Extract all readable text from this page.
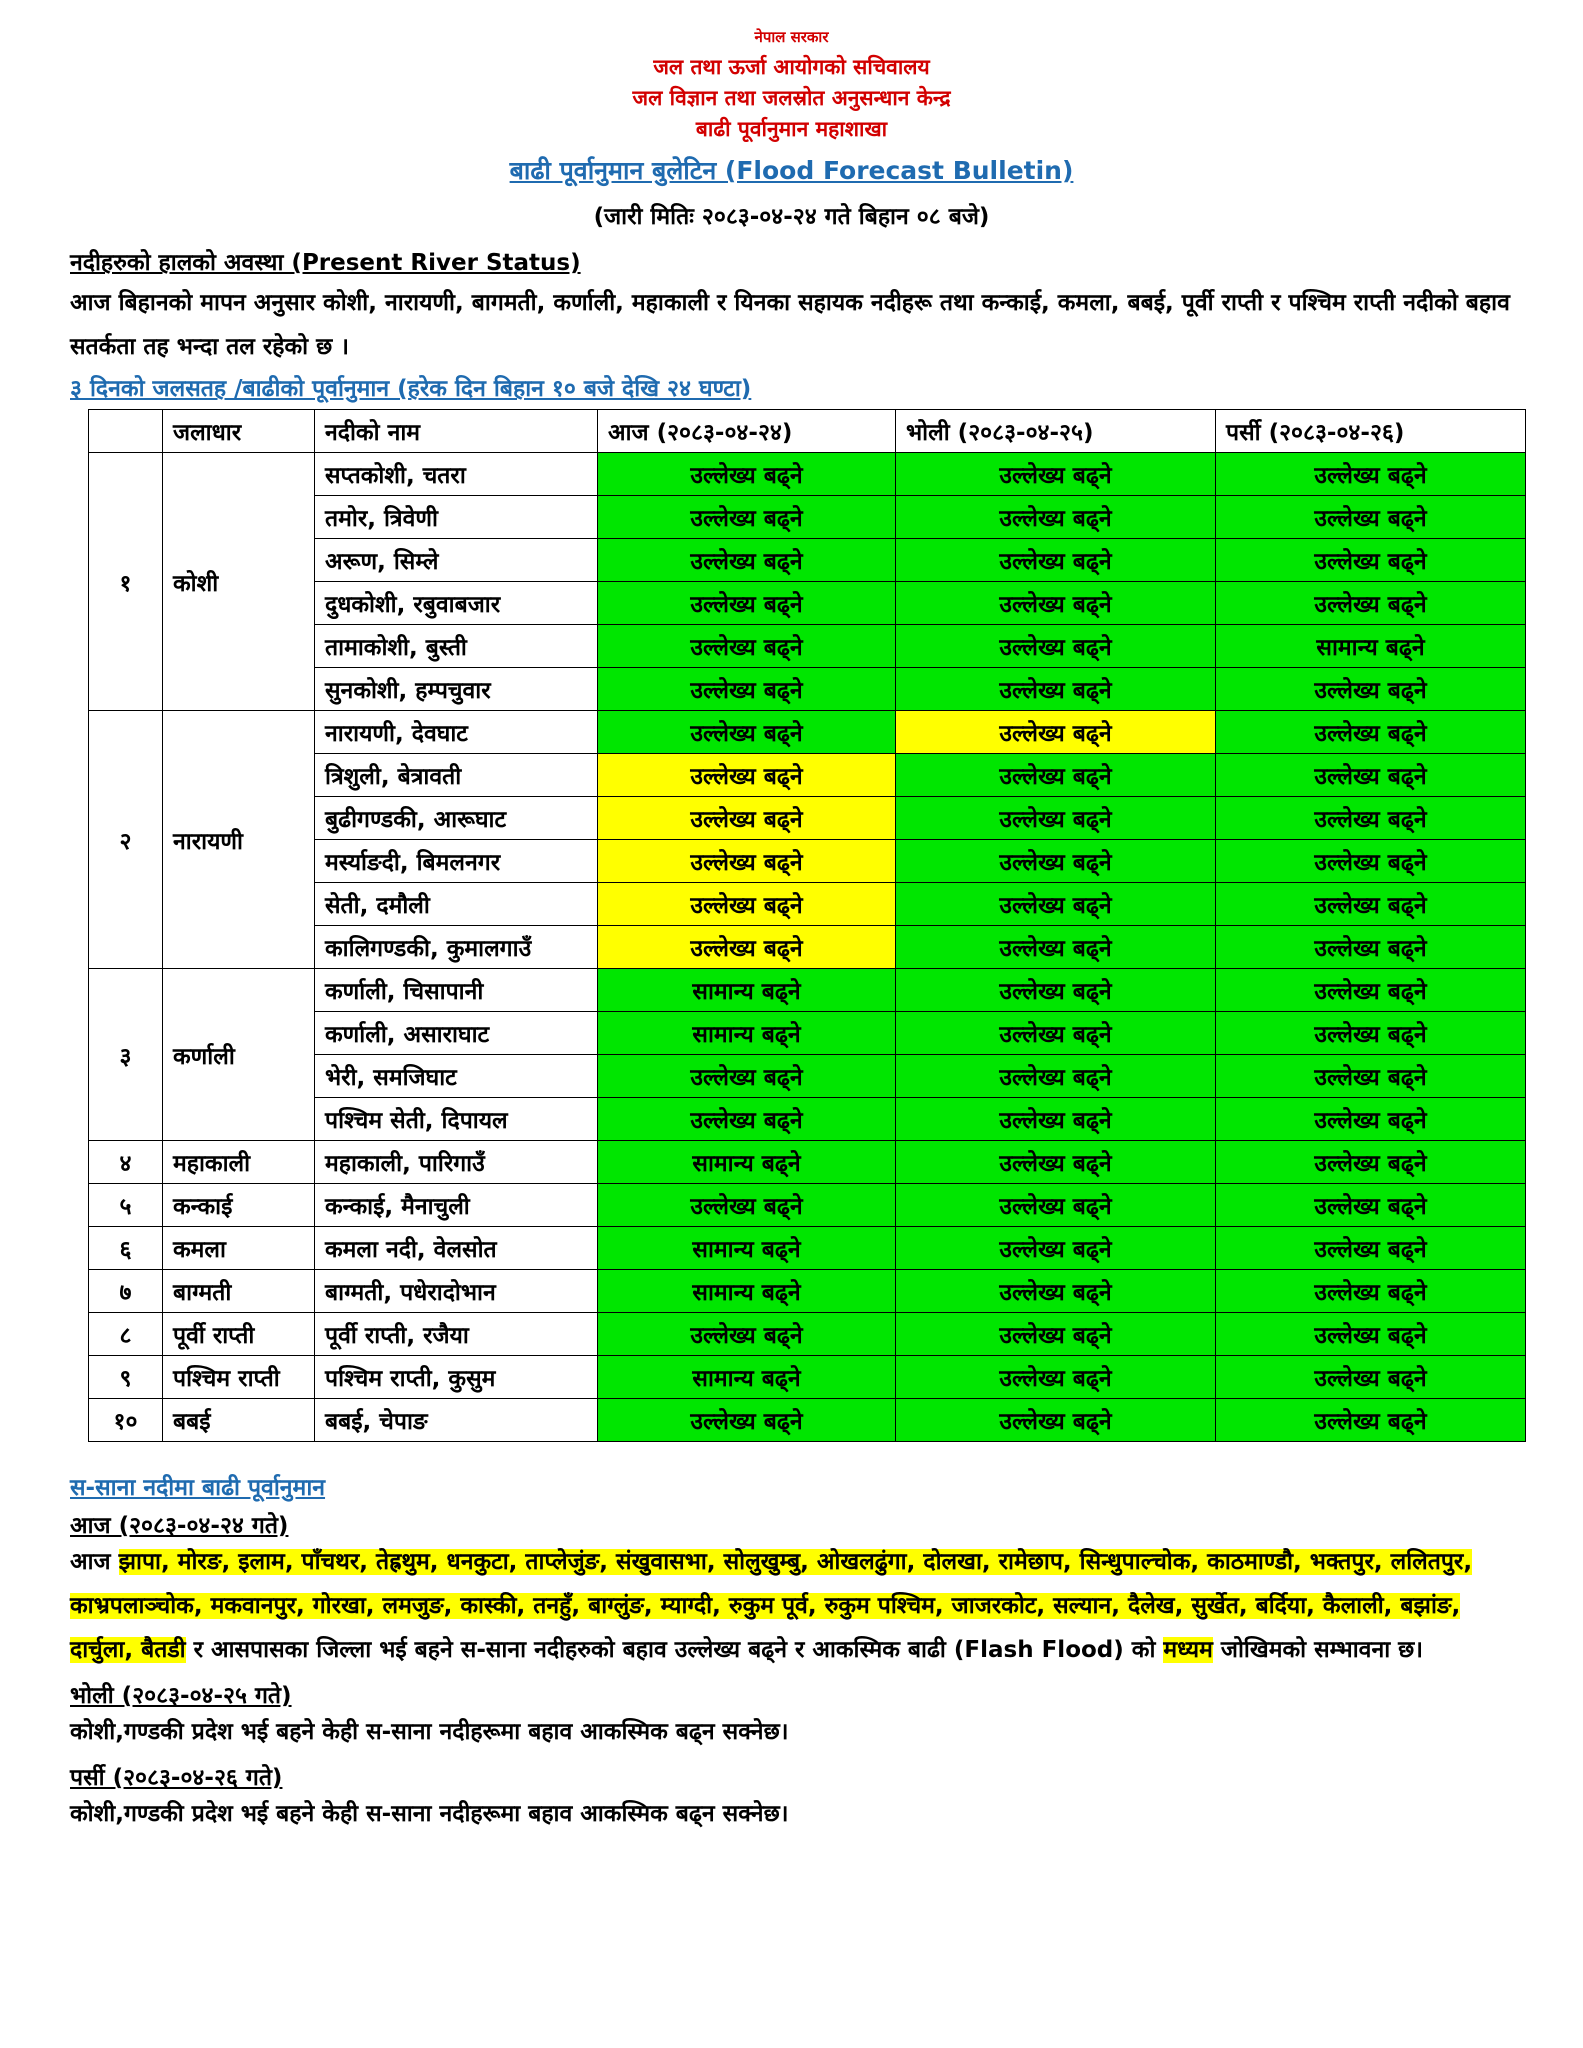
नेपाल सरकार
जल तथा ऊर्जा आयोगको सचिवालय
जल विज्ञान तथा जलस्रोत अनुसन्धान केन्द्र
बाढी पूर्वानुमान महाशाखा
बाढी पूर्वानुमान बुलेटिन (Flood Forecast Bulletin)
(जारी मितिः २०८३-०४-२४ गते बिहान ०८ बजे)
नदीहरुको हालको अवस्था (Present River Status)
आज बिहानको मापन अनुसार कोशी, नारायणी, बागमती, कर्णाली, महाकाली र यिनका सहायक नदीहरू तथा कन्काई, कमला, बबई, पूर्वी राप्ती र पश्चिम राप्ती नदीको बहाव सतर्कता तह भन्दा तल रहेको छ ।
३ दिनको जलसतह /बाढीको पूर्वानुमान (हरेक दिन बिहान १० बजे देखि २४ घण्टा)
	जलाधार	नदीको नाम	आज (२०८३-०४-२४)	भोली (२०८३-०४-२५)	पर्सी (२०८३-०४-२६)
१	कोशी	सप्तकोशी, चतरा	उल्लेख्य बढ्ने	उल्लेख्य बढ्ने	उल्लेख्य बढ्ने
		तमोर, त्रिवेणी	उल्लेख्य बढ्ने	उल्लेख्य बढ्ने	उल्लेख्य बढ्ने
		अरूण, सिम्ले	उल्लेख्य बढ्ने	उल्लेख्य बढ्ने	उल्लेख्य बढ्ने
		दुधकोशी, रबुवाबजार	उल्लेख्य बढ्ने	उल्लेख्य बढ्ने	उल्लेख्य बढ्ने
		तामाकोशी, बुस्ती	उल्लेख्य बढ्ने	उल्लेख्य बढ्ने	सामान्य बढ्ने
		सुनकोशी, हम्पचुवार	उल्लेख्य बढ्ने	उल्लेख्य बढ्ने	उल्लेख्य बढ्ने
२	नारायणी	नारायणी, देवघाट	उल्लेख्य बढ्ने	उल्लेख्य बढ्ने	उल्लेख्य बढ्ने
		त्रिशुली, बेत्रावती	उल्लेख्य बढ्ने	उल्लेख्य बढ्ने	उल्लेख्य बढ्ने
		बुढीगण्डकी, आरूघाट	उल्लेख्य बढ्ने	उल्लेख्य बढ्ने	उल्लेख्य बढ्ने
		मर्स्याङदी, बिमलनगर	उल्लेख्य बढ्ने	उल्लेख्य बढ्ने	उल्लेख्य बढ्ने
		सेती, दमौली	उल्लेख्य बढ्ने	उल्लेख्य बढ्ने	उल्लेख्य बढ्ने
		कालिगण्डकी, कुमालगाउँ	उल्लेख्य बढ्ने	उल्लेख्य बढ्ने	उल्लेख्य बढ्ने
३	कर्णाली	कर्णाली, चिसापानी	सामान्य बढ्ने	उल्लेख्य बढ्ने	उल्लेख्य बढ्ने
		कर्णाली, असाराघाट	सामान्य बढ्ने	उल्लेख्य बढ्ने	उल्लेख्य बढ्ने
		भेरी, समजिघाट	उल्लेख्य बढ्ने	उल्लेख्य बढ्ने	उल्लेख्य बढ्ने
		पश्चिम सेती, दिपायल	उल्लेख्य बढ्ने	उल्लेख्य बढ्ने	उल्लेख्य बढ्ने
४	महाकाली	महाकाली, पारिगाउँ	सामान्य बढ्ने	उल्लेख्य बढ्ने	उल्लेख्य बढ्ने
५	कन्काई	कन्काई, मैनाचुली	उल्लेख्य बढ्ने	उल्लेख्य बढ्ने	उल्लेख्य बढ्ने
६	कमला	कमला नदी, वेलसोत	सामान्य बढ्ने	उल्लेख्य बढ्ने	उल्लेख्य बढ्ने
७	बाग्मती	बाग्मती, पधेरादोभान	सामान्य बढ्ने	उल्लेख्य बढ्ने	उल्लेख्य बढ्ने
८	पूर्वी राप्ती	पूर्वी राप्ती, रजैया	उल्लेख्य बढ्ने	उल्लेख्य बढ्ने	उल्लेख्य बढ्ने
९	पश्चिम राप्ती	पश्चिम राप्ती, कुसुम	सामान्य बढ्ने	उल्लेख्य बढ्ने	उल्लेख्य बढ्ने
१०	बबई	बबई, चेपाङ	उल्लेख्य बढ्ने	उल्लेख्य बढ्ने	उल्लेख्य बढ्ने
स-साना नदीमा बाढी पूर्वानुमान
आज (२०८३-०४-२४ गते)
आज झापा, मोरङ, इलाम, पाँचथर, तेह्रथुम, धनकुटा, ताप्लेजुंङ, संखुवासभा, सोलुखुम्बु, ओखलढुंगा, दोलखा, रामेछाप, सिन्धुपाल्चोक, काठमाण्डौ, भक्तपुर, ललितपुर, काभ्रपलाञ्चोक, मकवानपुर, गोरखा, लमजुङ, कास्की, तनहुँ, बाग्लुंङ, म्याग्दी, रुकुम पूर्व, रुकुम पश्चिम, जाजरकोट, सल्यान, दैलेख, सुर्खेत, बर्दिया, कैलाली, बझांङ, दार्चुला, बैतडी र आसपासका जिल्ला भई बहने स-साना नदीहरुको बहाव उल्लेख्य बढ्ने र आकस्मिक बाढी (Flash Flood) को मध्यम जोखिमको सम्भावना छ।
भोली (२०८३-०४-२५ गते)
कोशी,गण्डकी प्रदेश भई बहने केही स-साना नदीहरूमा बहाव आकस्मिक बढ्न सक्नेछ।
पर्सी (२०८३-०४-२६ गते)
कोशी,गण्डकी प्रदेश भई बहने केही स-साना नदीहरूमा बहाव आकस्मिक बढ्न सक्नेछ।
